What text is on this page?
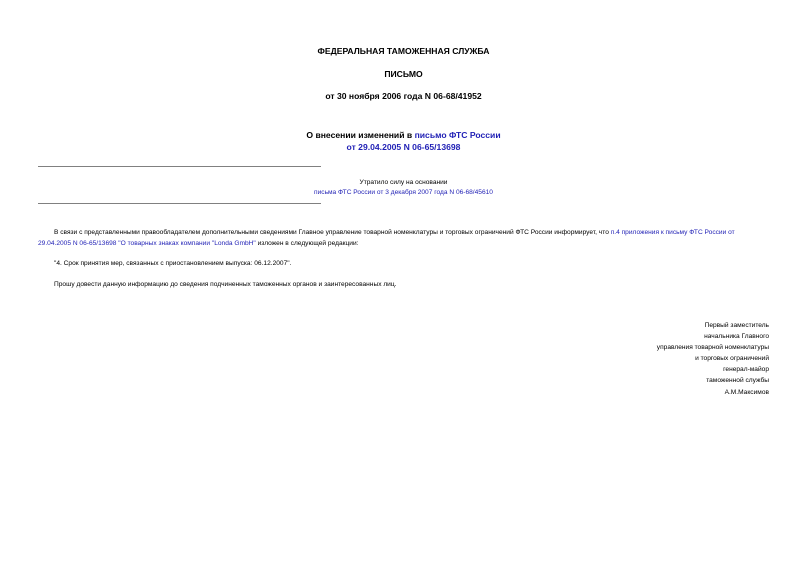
ФЕДЕРАЛЬНАЯ ТАМОЖЕННАЯ СЛУЖБА
ПИСЬМО
от 30 ноября 2006 года N 06-68/41952
О внесении изменений в письмо ФТС России
от 29.04.2005 N 06-65/13698
Утратило силу на основании
письма ФТС России от 3 декабря 2007 года N 06-68/45610
В связи с представленными правообладателем дополнительными сведениями Главное управление товарной номенклатуры и торговых ограничений ФТС России информирует, что п.4 приложения к письму ФТС России от 29.04.2005 N 06-65/13698 "О товарных знаках компании "Londa GmbH" изложен в следующей редакции:
"4. Срок принятия мер, связанных с приостановлением выпуска: 06.12.2007".
Прошу довести данную информацию до сведения подчиненных таможенных органов и заинтересованных лиц.
Первый заместитель
начальника Главного
управления товарной номенклатуры
и торговых ограничений
генерал-майор
таможенной службы
А.М.Максимов
